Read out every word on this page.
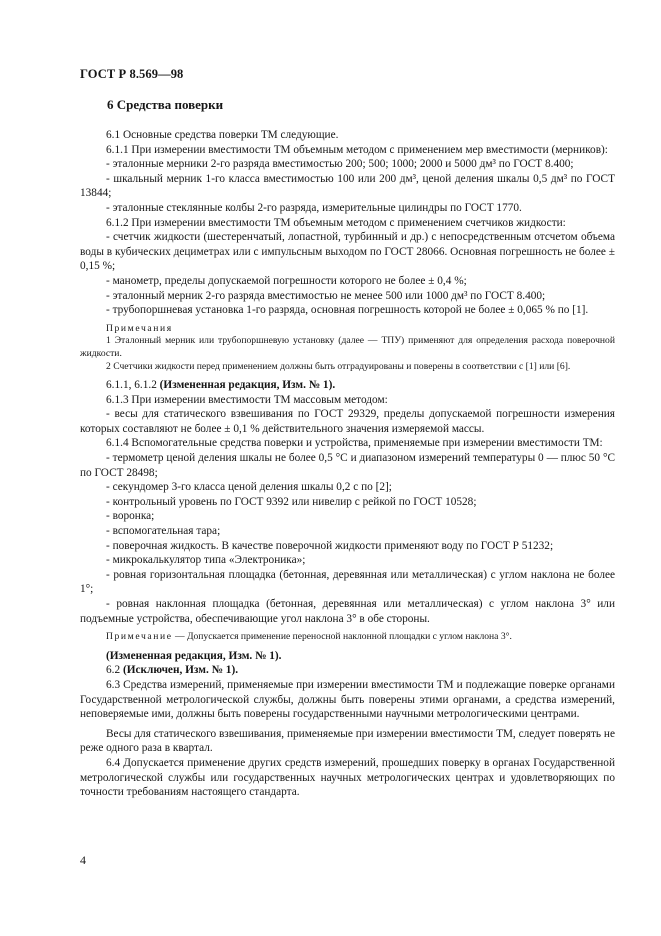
ГОСТ Р 8.569—98
6 Средства поверки

6.1 Основные средства поверки ТМ следующие.

6.1.1 При измерении вместимости ТМ объемным методом с применением мер вместимости (мерников):

- эталонные мерники 2-го разряда вместимостью 200; 500; 1000; 2000 и 5000 дм³ по ГОСТ 8.400;

- шкальный мерник 1-го класса вместимостью 100 или 200 дм³, ценой деления шкалы 0,5 дм³ по ГОСТ 13844;

- эталонные стеклянные колбы 2-го разряда, измерительные цилиндры по ГОСТ 1770.

6.1.2 При измерении вместимости ТМ объемным методом с применением счетчиков жидкости:

- счетчик жидкости (шестеренчатый, лопастной, турбинный и др.) с непосредственным отсчетом объема воды в кубических дециметрах или с импульсным выходом по ГОСТ 28066. Основная погрешность не более ± 0,15 %;

- манометр, пределы допускаемой погрешности которого не более ± 0,4 %;

- эталонный мерник 2-го разряда вместимостью не менее 500 или 1000 дм³ по ГОСТ 8.400;

- трубопоршневая установка 1-го разряда, основная погрешность которой не более ± 0,065 % по [1].

Примечания

1 Эталонный мерник или трубопоршневую установку (далее — ТПУ) применяют для определения расхода поверочной жидкости.

2 Счетчики жидкости перед применением должны быть отградуированы и поверены в соответствии с [1] или [6].

6.1.1, 6.1.2 (Измененная редакция, Изм. № 1).

6.1.3 При измерении вместимости ТМ массовым методом:

- весы для статического взвешивания по ГОСТ 29329, пределы допускаемой погрешности измерения которых составляют не более ± 0,1 % действительного значения измеряемой массы.

6.1.4 Вспомогательные средства поверки и устройства, применяемые при измерении вместимости ТМ:

- термометр ценой деления шкалы не более 0,5 °С и диапазоном измерений температуры 0 — плюс 50 °С по ГОСТ 28498;

- секундомер 3-го класса ценой деления шкалы 0,2 с по [2];

- контрольный уровень по ГОСТ 9392 или нивелир с рейкой по ГОСТ 10528;

- воронка;

- вспомогательная тара;

- поверочная жидкость. В качестве поверочной жидкости применяют воду по ГОСТ Р 51232;

- микрокалькулятор типа «Электроника»;

- ровная горизонтальная площадка (бетонная, деревянная или металлическая) с углом наклона не более 1°;

- ровная наклонная площадка (бетонная, деревянная или металлическая) с углом наклона 3° или подъемные устройства, обеспечивающие угол наклона 3° в обе стороны.

Примечание — Допускается применение переносной наклонной площадки с углом наклона 3°.

(Измененная редакция, Изм. № 1).

6.2 (Исключен, Изм. № 1).

6.3 Средства измерений, применяемые при измерении вместимости ТМ и подлежащие поверке органами Государственной метрологической службы, должны быть поверены этими органами, а средства измерений, неповеряемые ими, должны быть поверены государственными научными метрологическими центрами.

Весы для статического взвешивания, применяемые при измерении вместимости ТМ, следует поверять не реже одного раза в квартал.

6.4 Допускается применение других средств измерений, прошедших поверку в органах Государственной метрологической службы или государственных научных метрологических центрах и удовлетворяющих по точности требованиям настоящего стандарта.

4
